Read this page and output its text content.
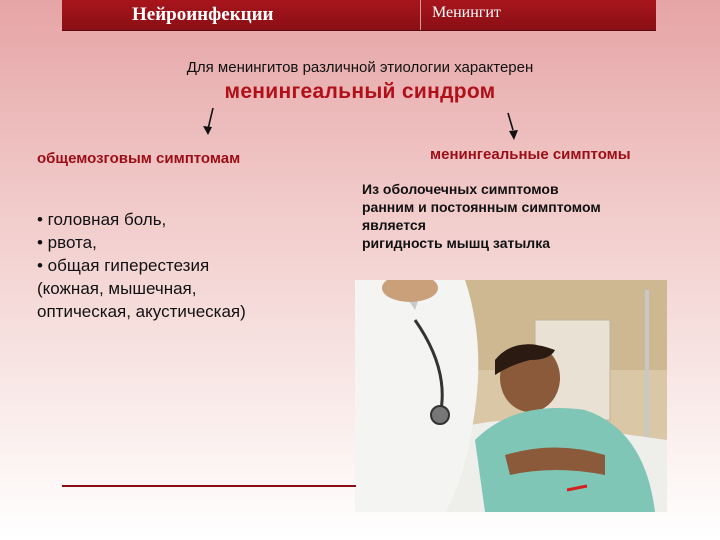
Нейроинфекции	Менингит
Для менингитов различной этиологии характерен
менингеальный синдром
общемозговым симптомам	менингеальные симптомы
• головная боль,
• рвота,
• общая гиперестезия
(кожная, мышечная,
оптическая, акустическая)
Из оболочечных симптомов
ранним и постоянным симптомом
является
ригидность мышц затылка
